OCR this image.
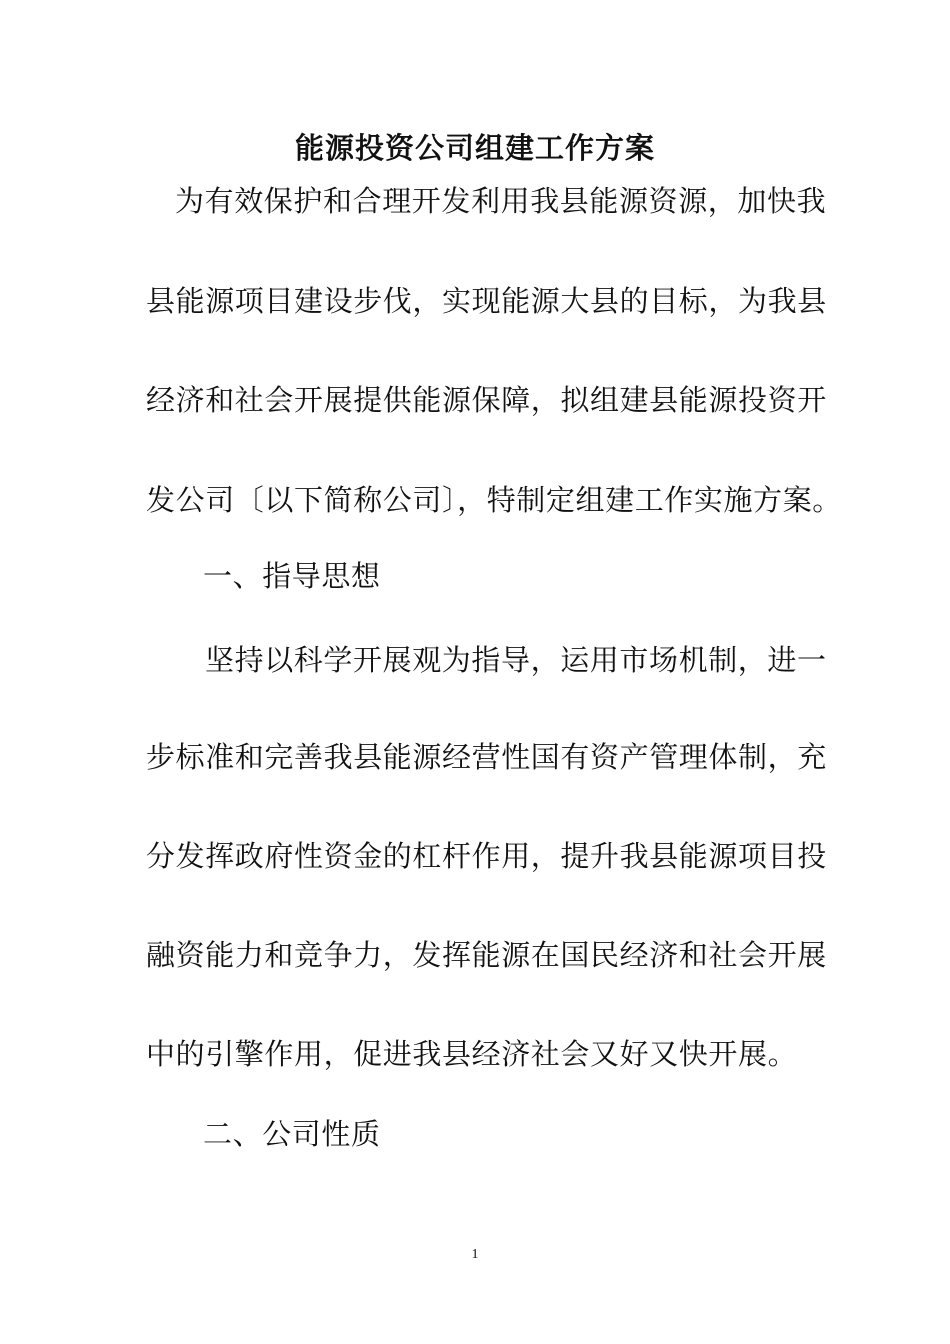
能源投资公司组建工作方案
为有效保护和合理开发利用我县能源资源，加快我
县能源项目建设步伐，实现能源大县的目标，为我县
经济和社会开展提供能源保障，拟组建县能源投资开
发公司〔以下简称公司〕，特制定组建工作实施方案。
一、指导思想
坚持以科学开展观为指导，运用市场机制，进一
步标准和完善我县能源经营性国有资产管理体制，充
分发挥政府性资金的杠杆作用，提升我县能源项目投
融资能力和竞争力，发挥能源在国民经济和社会开展
中的引擎作用，促进我县经济社会又好又快开展。
二、公司性质
1
